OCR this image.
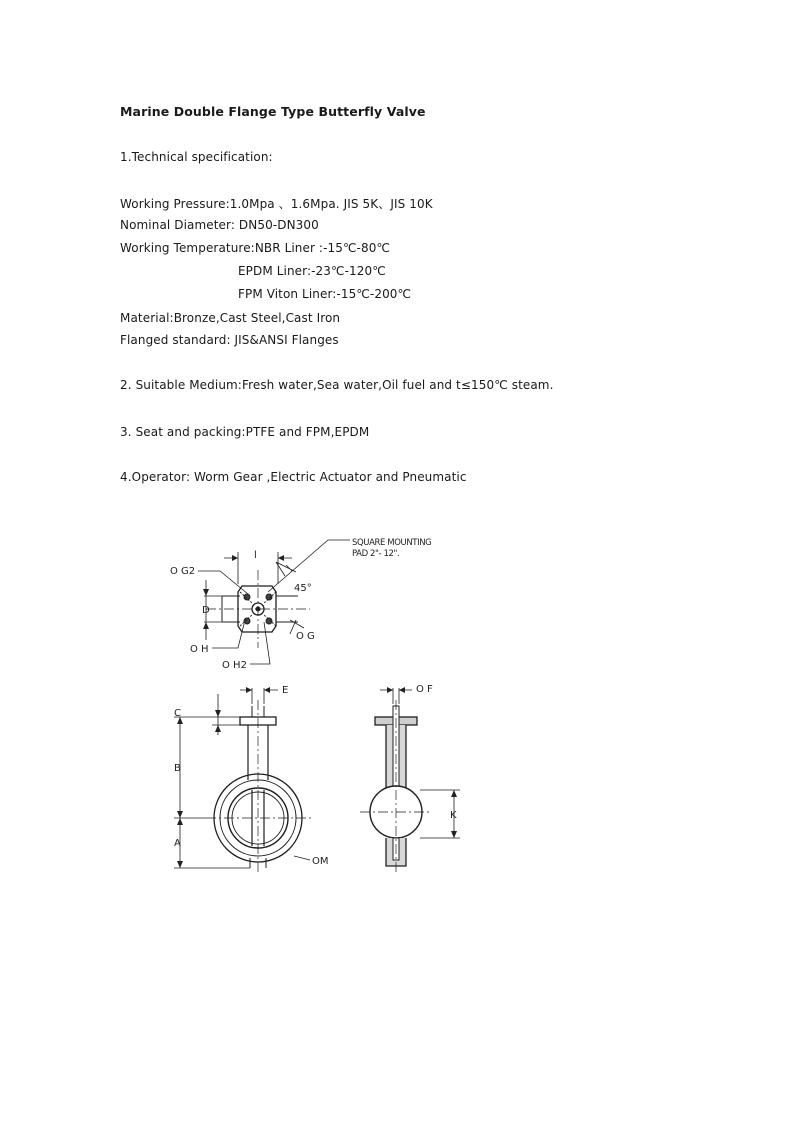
Marine Double Flange Type Butterfly Valve

1.Technical specification:

Working Pressure:1.0Mpa 、1.6Mpa. JIS 5K、JIS 10K

Nominal Diameter: DN50-DN300

Working Temperature:NBR Liner :-15℃-80℃

EPDM Liner:-23℃-120℃

FPM Viton Liner:-15℃-200℃

Material:Bronze,Cast Steel,Cast Iron

Flanged standard: JIS&ANSI Flanges

2. Suitable Medium:Fresh water,Sea water,Oil fuel and t≤150℃ steam.

3. Seat and packing:PTFE and FPM,EPDM

4.Operator: Worm Gear ,Electric Actuator and Pneumatic

SQUARE MOUNTING
PAD 2"- 12".
45°
l
O G2
D
O G
O H
O H2
E
C
B
A
OM
O F
K
